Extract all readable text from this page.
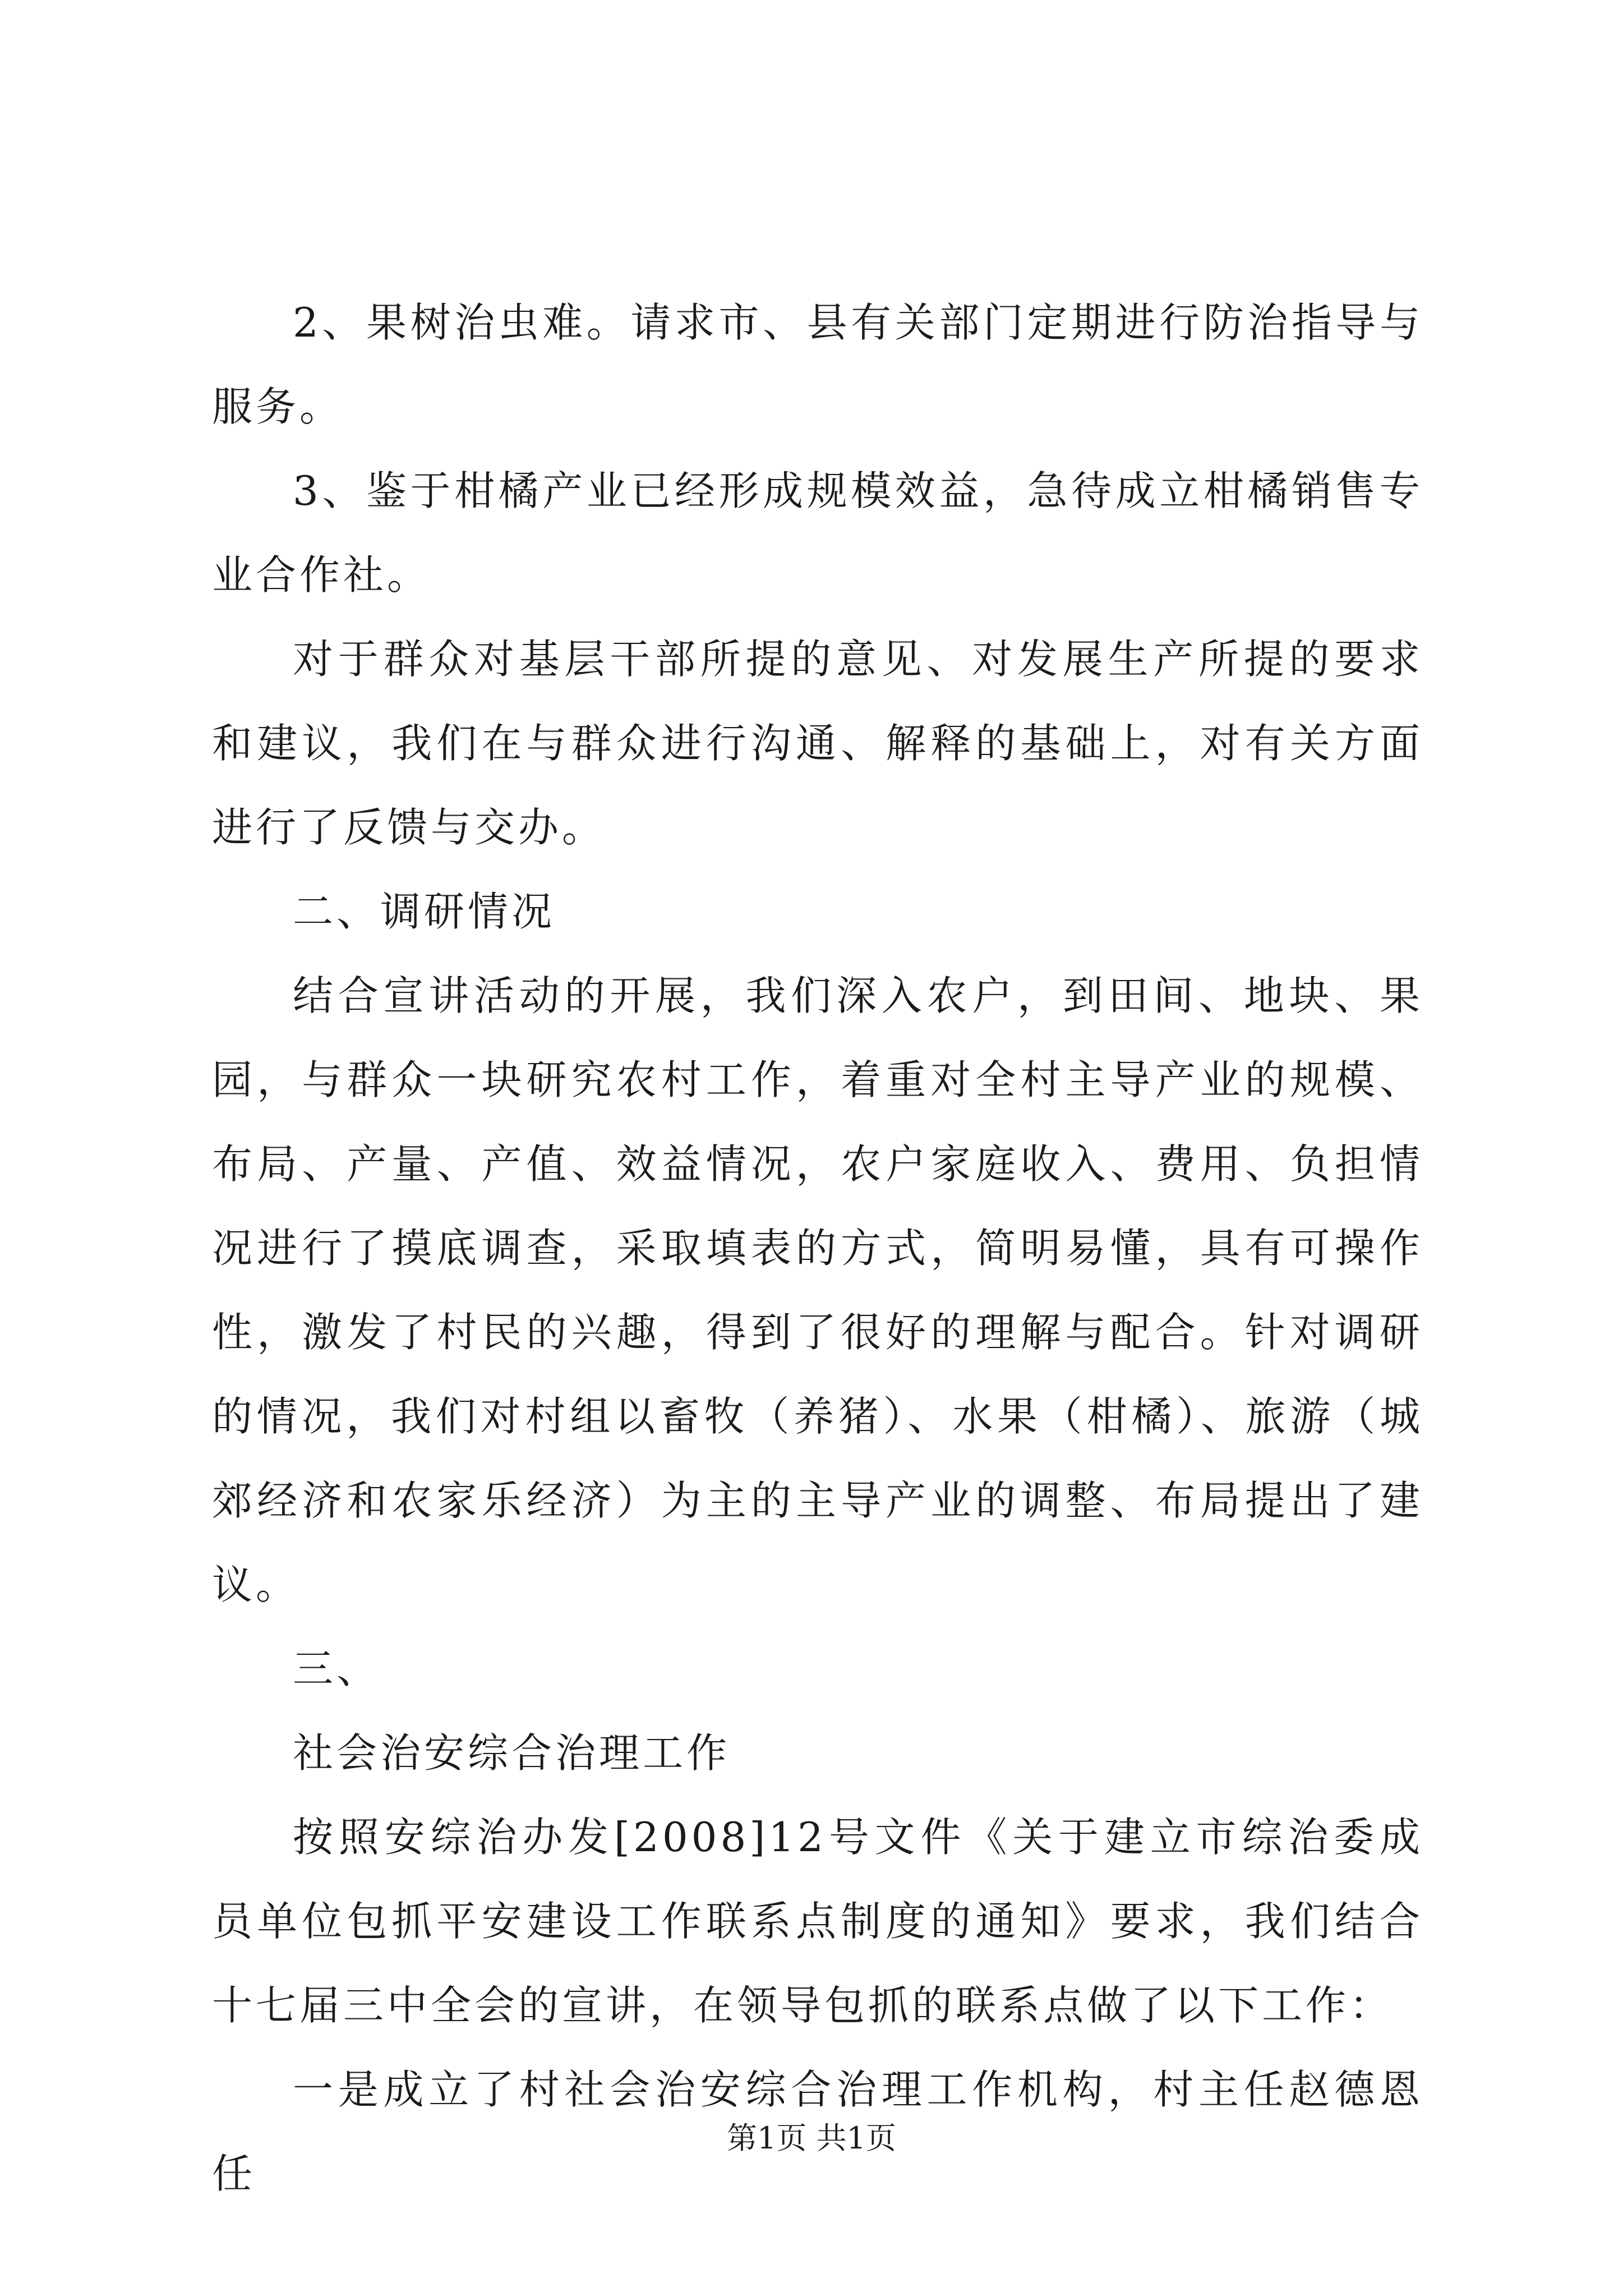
2、果树治虫难。请求市、县有关部门定期进行防治指导与服务。

3、鉴于柑橘产业已经形成规模效益，急待成立柑橘销售专业合作社。

对于群众对基层干部所提的意见、对发展生产所提的要求和建议，我们在与群众进行沟通、解释的基础上，对有关方面进行了反馈与交办。

二、调研情况

结合宣讲活动的开展，我们深入农户，到田间、地块、果园，与群众一块研究农村工作，着重对全村主导产业的规模、布局、产量、产值、效益情况，农户家庭收入、费用、负担情况进行了摸底调查，采取填表的方式，简明易懂，具有可操作性，激发了村民的兴趣，得到了很好的理解与配合。针对调研的情况，我们对村组以畜牧（养猪）、水果（柑橘）、旅游（城郊经济和农家乐经济）为主的主导产业的调整、布局提出了建议。

三、

社会治安综合治理工作

按照安综治办发[2008]12号文件《关于建立市综治委成员单位包抓平安建设工作联系点制度的通知》要求，我们结合十七届三中全会的宣讲，在领导包抓的联系点做了以下工作：

一是成立了村社会治安综合治理工作机构，村主任赵德恩任

第1页 共1页
